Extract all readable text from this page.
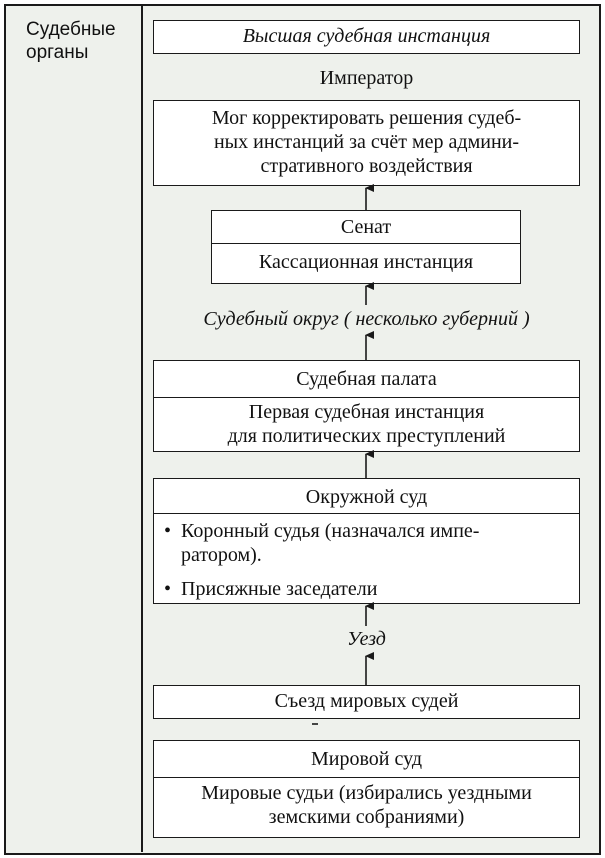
Судебные органы
Высшая судебная инстанция
Император
Мог корректировать решения судеб-
ных инстанций за счёт мер админи-
стративного воздействия
Сенат
Кассационная инстанция
Судебный округ ( несколько губерний )
Судебная палата
Первая судебная инстанция
для политических преступлений
Окружной суд
• Коронный судья (назначался импе-
ратором).
• Присяжные заседатели
Уезд
Съезд мировых судей
Мировой суд
Мировые судьи (избирались уездными
земскими собраниями)
